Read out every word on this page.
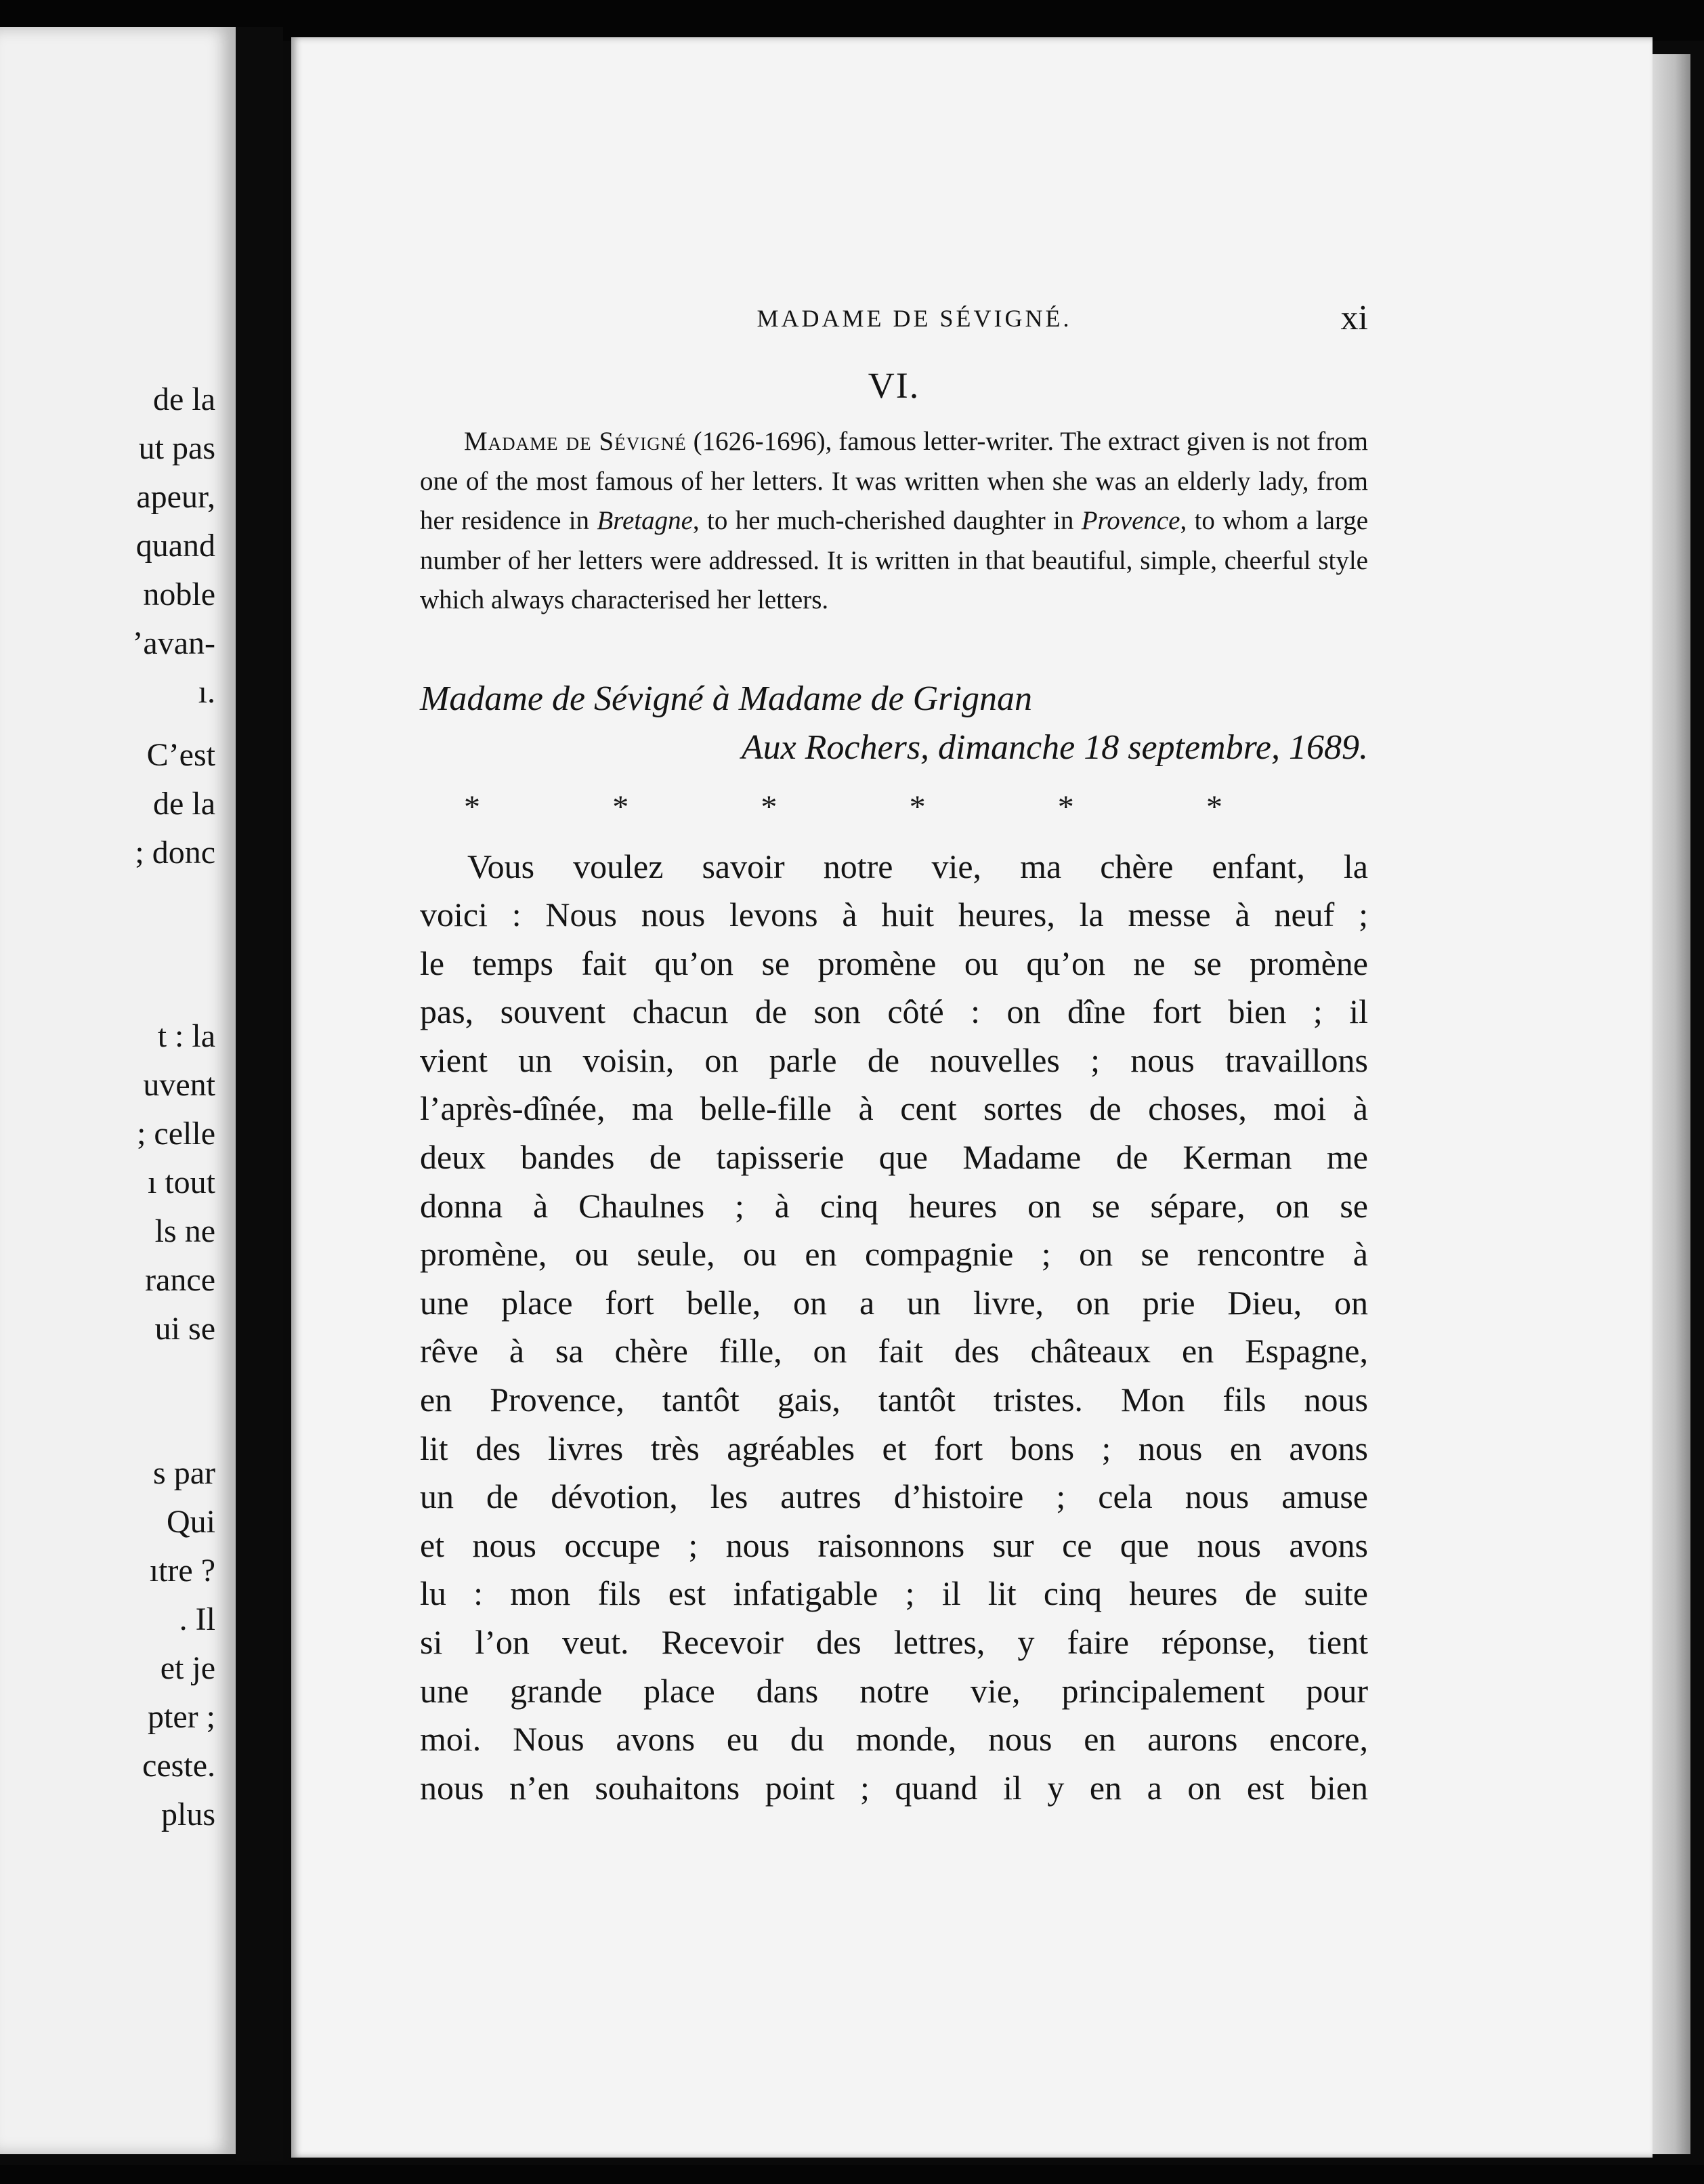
de la
ut pas
apeur,
quand
noble
’avan-
ı.
C’est
de la
; donc
t : la
uvent
; celle
ı tout
ls ne
rance
ui se
s par
Qui
ıtre ?
. Il
et je
pter ;
ceste.
plus
MADAME DE SÉVIGNÉ.	xi
VI.

Madame de Sévigné (1626-1696), famous letter-writer. The extract given is not from one of the most famous of her letters. It was written when she was an elderly lady, from her residence in Bretagne, to her much-cherished daughter in Provence, to whom a large number of her letters were addressed. It is written in that beautiful, simple, cheerful style which always characterised her letters.

Madame de Sévigné à Madame de Grignan
Aux Rochers, dimanche 18 septembre, 1689.
*	*	*	*	*	*
Vous voulez savoir notre vie, ma chère enfant, la
voici : Nous nous levons à huit heures, la messe à neuf ;
le temps fait qu’on se promène ou qu’on ne se promène
pas, souvent chacun de son côté : on dîne fort bien ; il
vient un voisin, on parle de nouvelles ; nous travaillons
l’après-dînée, ma belle-fille à cent sortes de choses, moi à
deux bandes de tapisserie que Madame de Kerman me
donna à Chaulnes ; à cinq heures on se sépare, on se
promène, ou seule, ou en compagnie ; on se rencontre à
une place fort belle, on a un livre, on prie Dieu, on
rêve à sa chère fille, on fait des châteaux en Espagne,
en Provence, tantôt gais, tantôt tristes. Mon fils nous
lit des livres très agréables et fort bons ; nous en avons
un de dévotion, les autres d’histoire ; cela nous amuse
et nous occupe ; nous raisonnons sur ce que nous avons
lu : mon fils est infatigable ; il lit cinq heures de suite
si l’on veut. Recevoir des lettres, y faire réponse, tient
une grande place dans notre vie, principalement pour
moi. Nous avons eu du monde, nous en aurons encore,
nous n’en souhaitons point ; quand il y en a on est bien
